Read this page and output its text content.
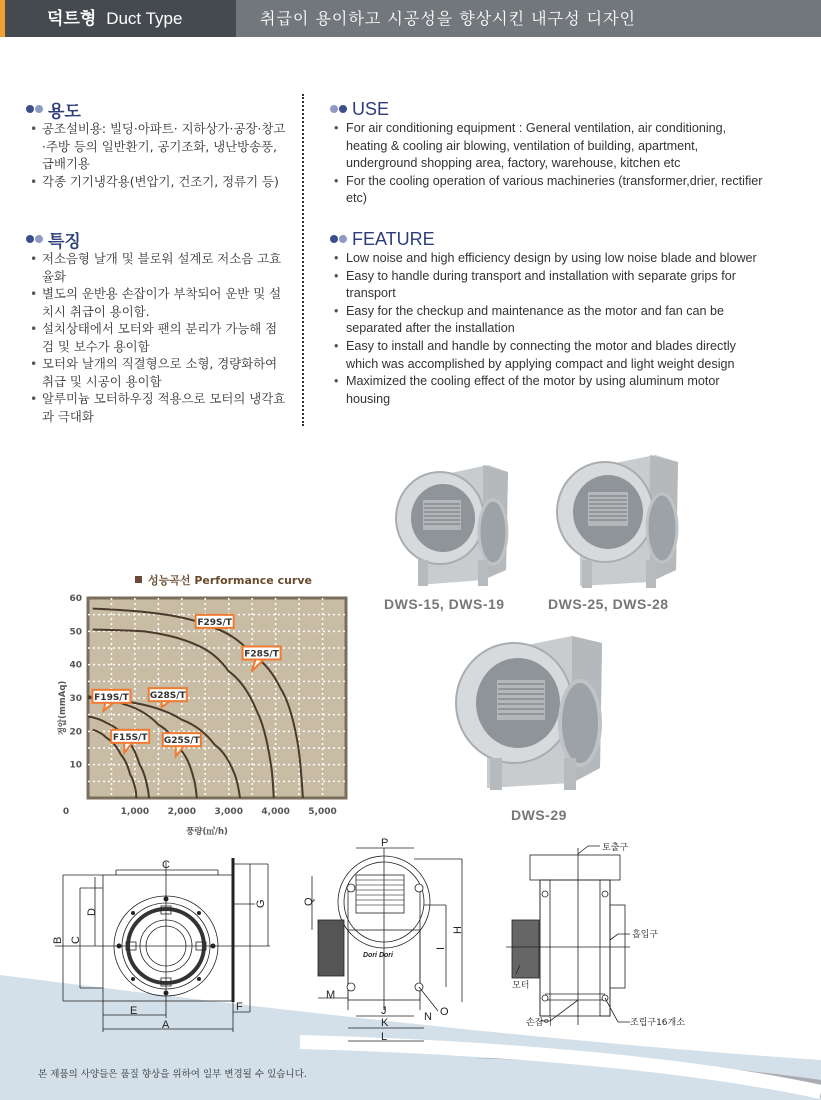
덕트형 Duct Type	취급이 용이하고 시공성을 향상시킨 내구성 디자인
용도
• 공조설비용: 빌딩·아파트· 지하상가·공장·창고·주방 등의 일반환기, 공기조화, 냉난방송풍, 급배기용
• 각종 기기냉각용(변압기, 건조기, 정류기 등)
특징
• 저소음형 날개 및 블로워 설계로 저소음 고효율화
• 별도의 운반용 손잡이가 부착되어 운반 및 설치시 취급이 용이함.
• 설치상태에서 모터와 팬의 분리가 가능해 점검 및 보수가 용이함
• 모터와 날개의 직결형으로 소형, 경량화하여 취급 및 시공이 용이함
• 알루미늄 모터하우징 적용으로 모터의 냉각효과 극대화
USE
• For air conditioning equipment : General ventilation, air conditioning, heating & cooling air blowing, ventilation of building, apartment, underground shopping area, factory, warehouse, kitchen etc
• For the cooling operation of various machineries (transformer,drier, rectifier etc)
FEATURE
• Low noise and high efficiency design by using low noise blade and blower
• Easy to handle during transport and installation with separate grips for transport
• Easy for the checkup and maintenance as the motor and fan can be separated after the installation
• Easy to install and handle by connecting the motor and blades directly which was accomplished by applying compact and light weight design
• Maximized the cooling effect of the motor by using aluminum motor housing
성능곡선 Performance curve
0	1,000 2,000 3,000 4,000 5,000
10
20
30
40
50
60
풍량(㎥/h)
정압(mmAq)
F29S/T
F28S/T
G28S/T
F19S/T
F15S/T G25S/T
DWS-15, DWS-19	DWS-25, DWS-28
DWS-29
C
B C
D
G
E
A
F
Dori Dori
P
Q
H
I
M
J
K
L
N O
토출구
흡입구
모터
손잡이	조립구16개소
본 제품의 사양들은 품질 향상을 위하여 일부 변경될 수 있습니다.
